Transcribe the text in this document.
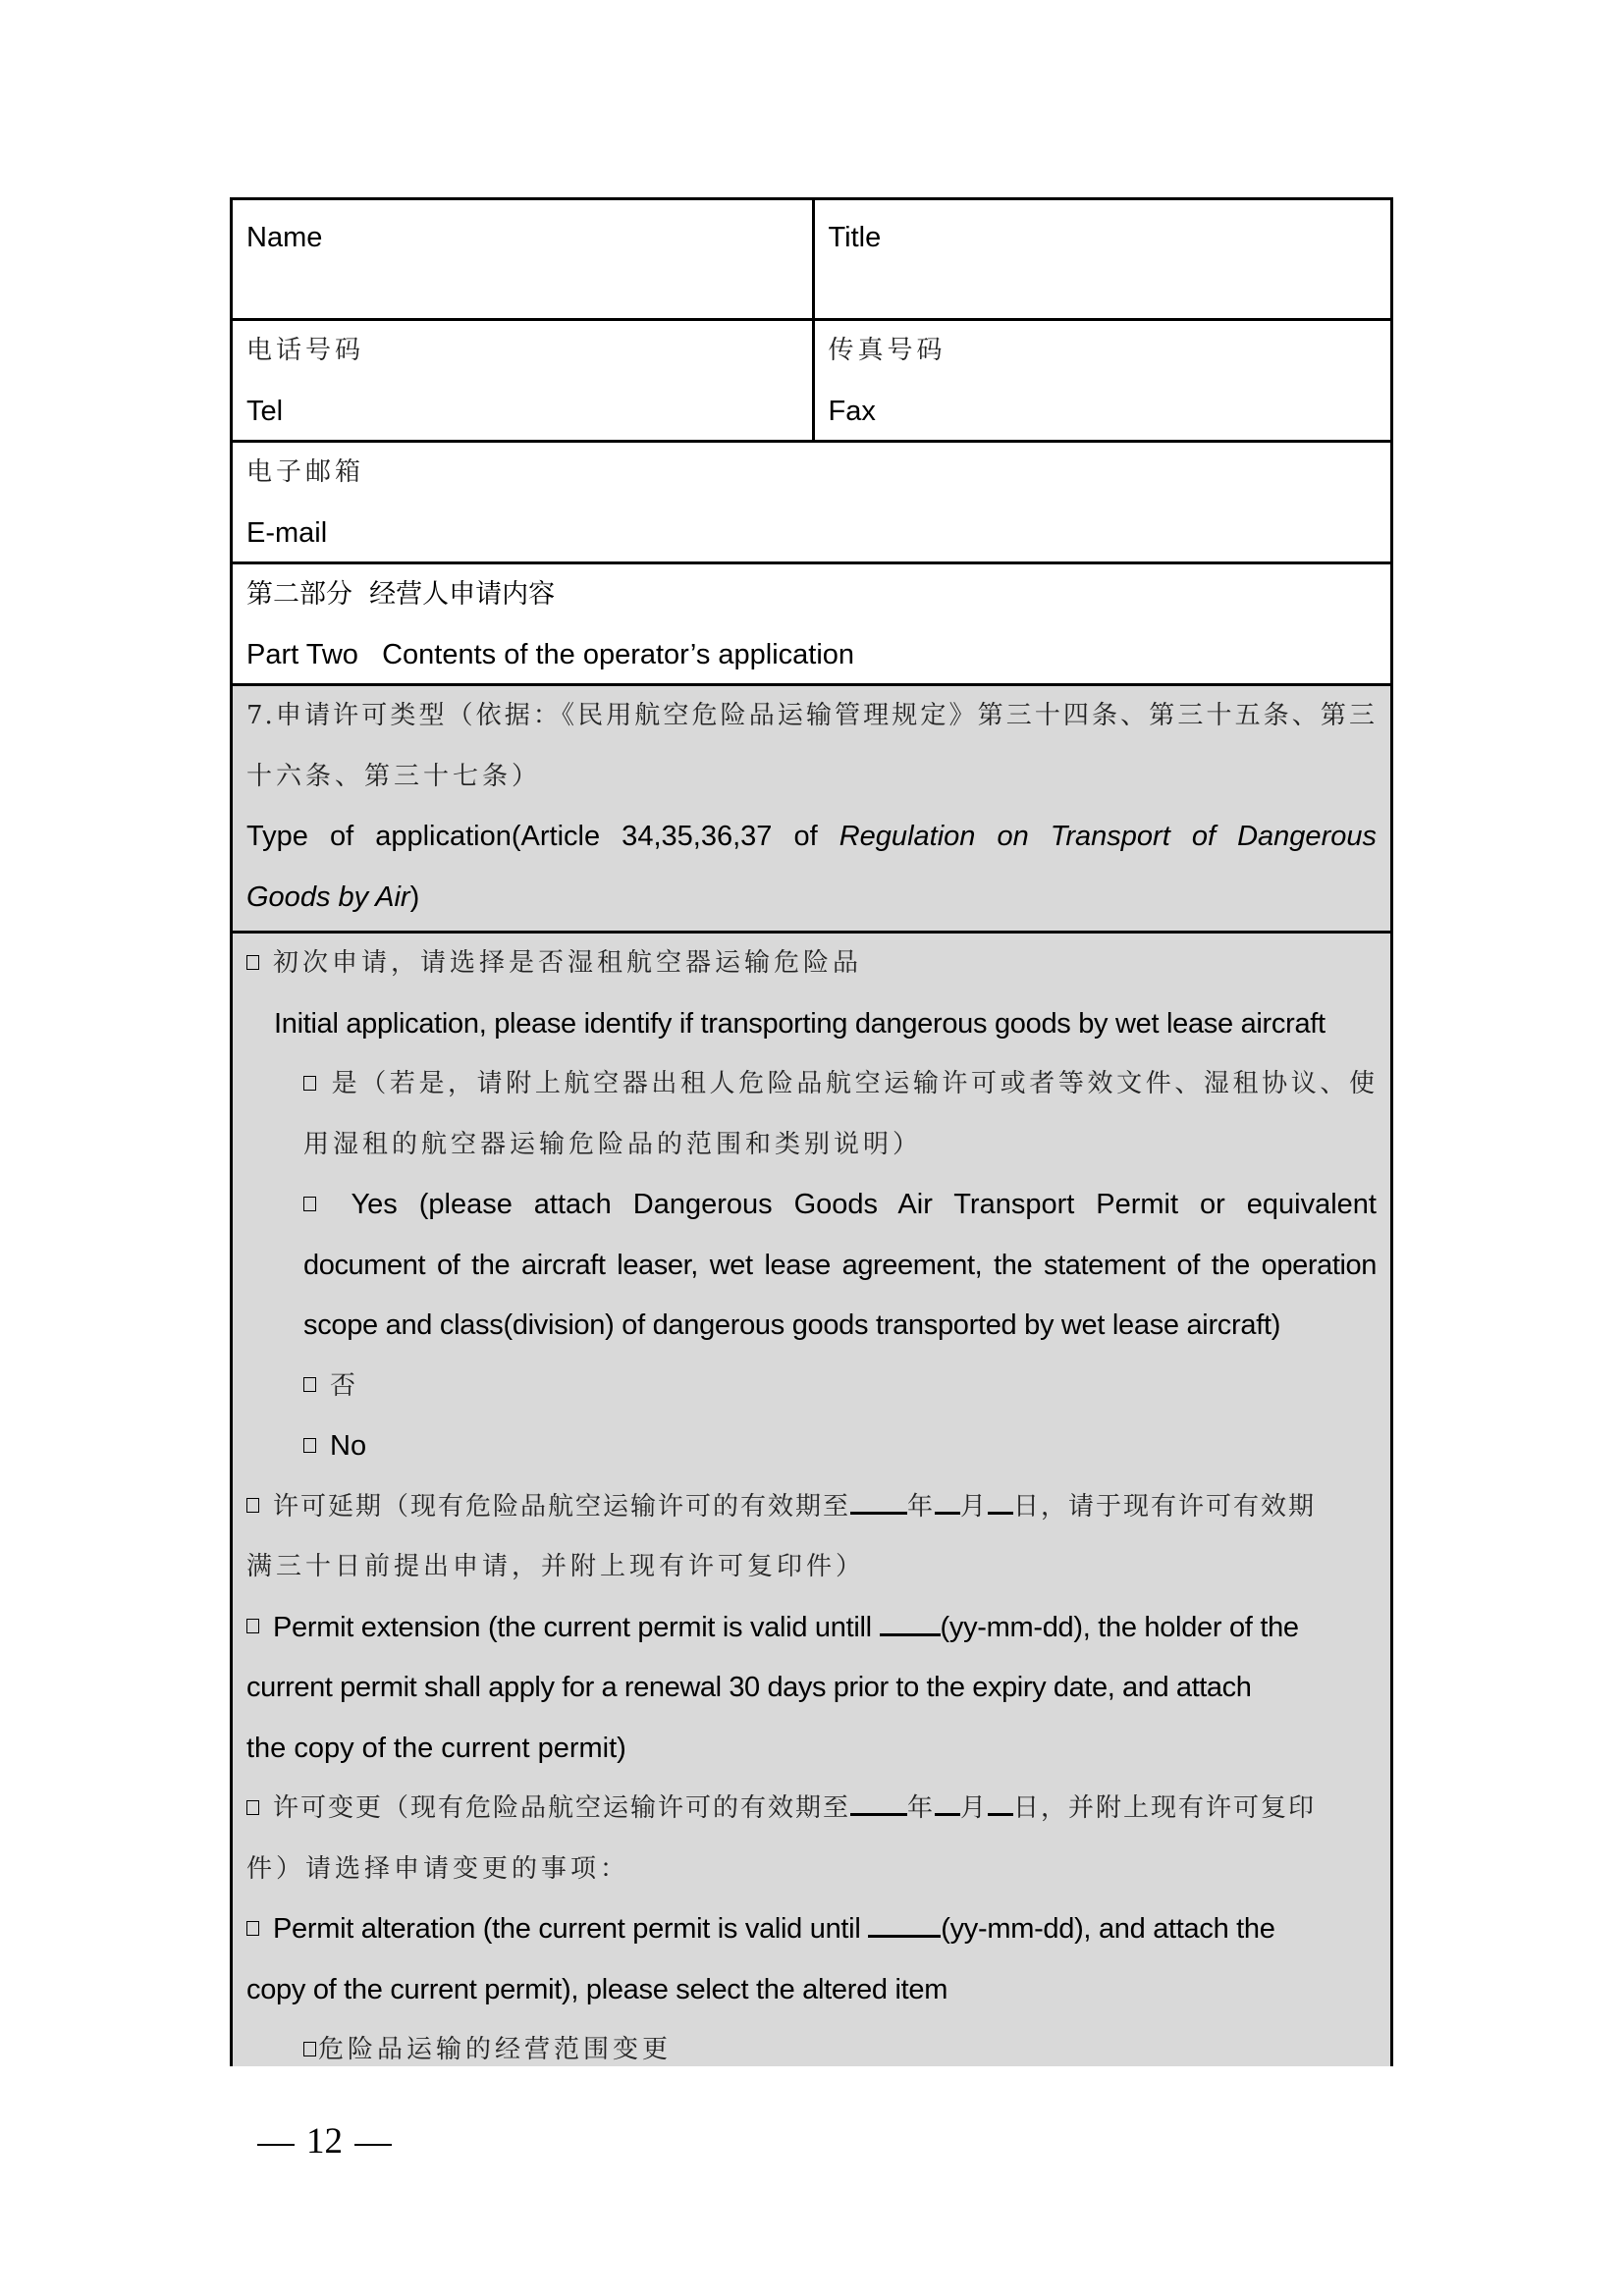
Name	Title
电话号码
Tel
传真号码
Fax
电子邮箱
E-mail
第二部分  经营人申请内容
Part Two   Contents of the operator’s application
7.申请许可类型（依据：《民用航空危险品运输管理规定》第三十四条、第三十五条、第三
十六条、第三十七条）
Type of application(Article 34,35,36,37 of Regulation on Transport of Dangerous
Goods by Air)
初次申请，请选择是否湿租航空器运输危险品
Initial application, please identify if transporting dangerous goods by wet lease aircraft
是（若是，请附上航空器出租人危险品航空运输许可或者等效文件、湿租协议、使
用湿租的航空器运输危险品的范围和类别说明）
Yes (please attach Dangerous Goods Air Transport Permit or equivalent
document of the aircraft leaser, wet lease agreement, the statement of the operation
scope and class(division) of dangerous goods transported by wet lease aircraft)
否
No
许可延期（现有危险品航空运输许可的有效期至 年 月 日，请于现有许可有效期
满三十日前提出申请，并附上现有许可复印件）
Permit extension (the current permit is valid untill (yy-mm-dd), the holder of the
current permit shall apply for a renewal 30 days prior to the expiry date, and attach
the copy of the current permit)
许可变更（现有危险品航空运输许可的有效期至 年 月 日，并附上现有许可复印
件）请选择申请变更的事项：
Permit alteration (the current permit is valid until	(yy-mm-dd), and attach the
copy of the current permit), please select the altered item
危险品运输的经营范围变更
12
